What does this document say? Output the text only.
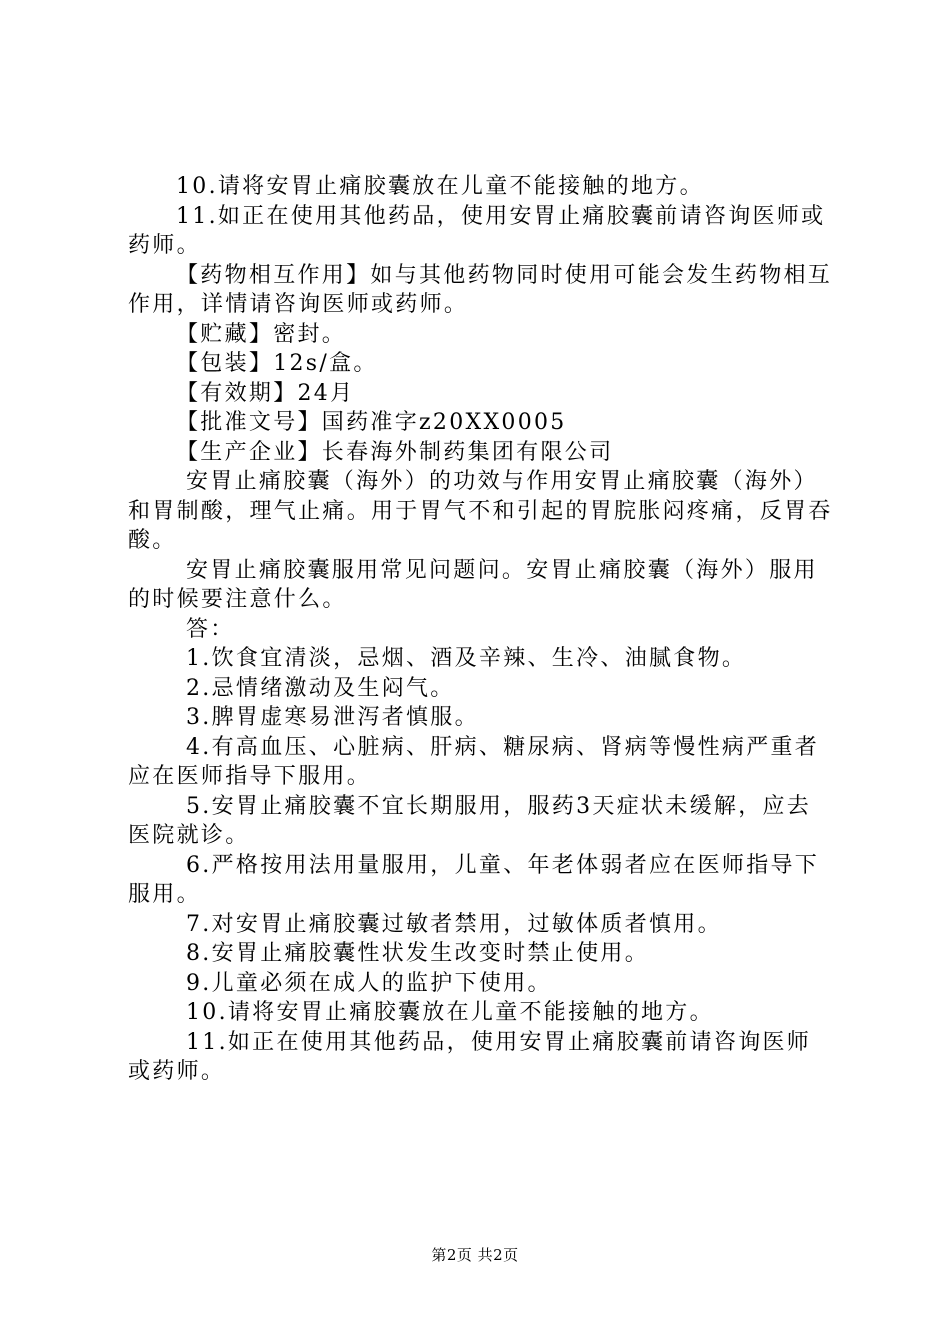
10.请将安胃止痛胶囊放在儿童不能接触的地方。

11.如正在使用其他药品，使用安胃止痛胶囊前请咨询医师或药师。

【药物相互作用】如与其他药物同时使用可能会发生药物相互作用，详情请咨询医师或药师。

【贮藏】密封。

【包装】12s/盒。

【有效期】24月

【批准文号】国药准字z20XX0005

【生产企业】长春海外制药集团有限公司

安胃止痛胶囊（海外）的功效与作用安胃止痛胶囊（海外）和胃制酸，理气止痛。用于胃气不和引起的胃脘胀闷疼痛，反胃吞酸。

安胃止痛胶囊服用常见问题问。安胃止痛胶囊（海外）服用的时候要注意什么。

答：

1.饮食宜清淡，忌烟、酒及辛辣、生冷、油腻食物。

2.忌情绪激动及生闷气。

3.脾胃虚寒易泄泻者慎服。

4.有高血压、心脏病、肝病、糖尿病、肾病等慢性病严重者应在医师指导下服用。

5.安胃止痛胶囊不宜长期服用，服药3天症状未缓解，应去医院就诊。

6.严格按用法用量服用，儿童、年老体弱者应在医师指导下服用。

7.对安胃止痛胶囊过敏者禁用，过敏体质者慎用。

8.安胃止痛胶囊性状发生改变时禁止使用。

9.儿童必须在成人的监护下使用。

10.请将安胃止痛胶囊放在儿童不能接触的地方。

11.如正在使用其他药品，使用安胃止痛胶囊前请咨询医师或药师。

第2页 共2页
